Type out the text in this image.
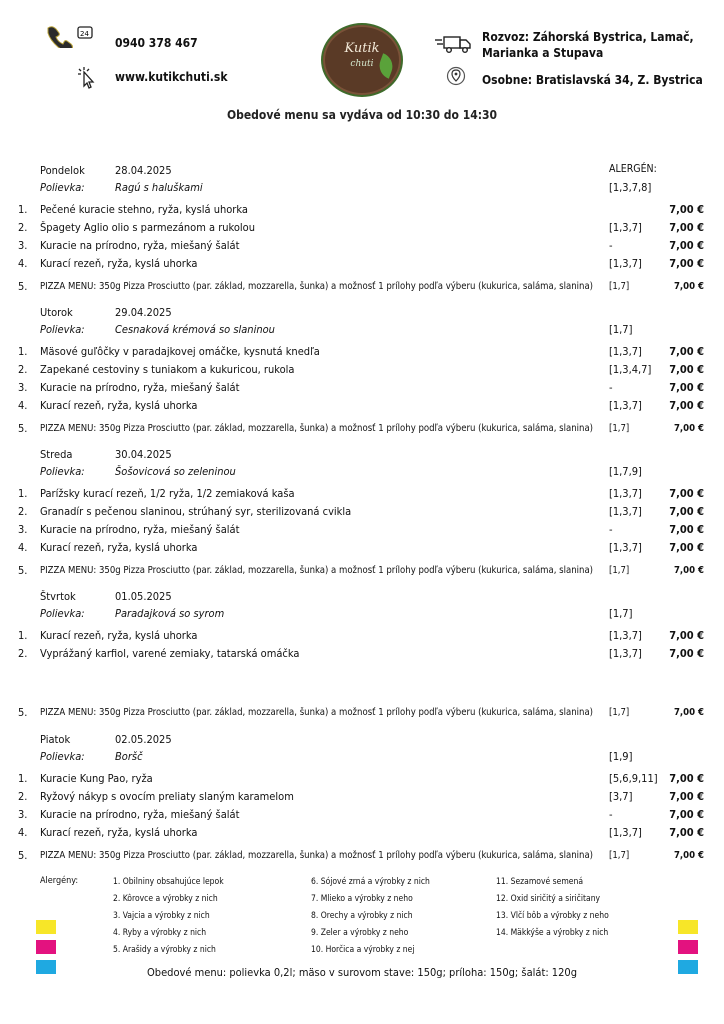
24
0940 378 467
www.kutikchuti.sk
Kutik
chuti
Rozvoz: Záhorská Bystrica, Lamač,
Marianka a Stupava
Osobne: Bratislavská 34, Z. Bystrica
Obedové menu sa vydáva od 10:30 do 14:30
ALERGÉN:
Pondelok	28.04.2025
Polievka:	Ragú s haluškami	[1,3,7,8]
1. Pečené kuracie stehno, ryža, kyslá uhorka	7,00 €
2. Špagety Aglio olio s parmezánom a rukolou	[1,3,7] 7,00 €
3. Kuracie na prírodno, ryža, miešaný šalát	-	7,00 €
4. Kurací rezeň, ryža, kyslá uhorka	[1,3,7] 7,00 €
5. PIZZA MENU: 350g Pizza Prosciutto (par. základ, mozzarella, šunka) a možnosť 1 prílohy podľa výberu (kukurica, saláma, slanina) [1,7]	7,00 €
Utorok	29.04.2025
Polievka:	Cesnaková krémová so slaninou	[1,7]
1. Mäsové guľôčky v paradajkovej omáčke, kysnutá knedľa	[1,3,7] 7,00 €
2. Zapekané cestoviny s tuniakom a kukuricou, rukola	[1,3,4,7] 7,00 €
3. Kuracie na prírodno, ryža, miešaný šalát	-	7,00 €
4. Kurací rezeň, ryža, kyslá uhorka	[1,3,7] 7,00 €
5. PIZZA MENU: 350g Pizza Prosciutto (par. základ, mozzarella, šunka) a možnosť 1 prílohy podľa výberu (kukurica, saláma, slanina) [1,7]	7,00 €
Streda	30.04.2025
Polievka:	Šošovicová so zeleninou	[1,7,9]
1. Parížsky kurací rezeň, 1/2 ryža, 1/2 zemiaková kaša	[1,3,7] 7,00 €
2. Granadír s pečenou slaninou, strúhaný syr, sterilizovaná cvikla	[1,3,7] 7,00 €
3. Kuracie na prírodno, ryža, miešaný šalát	-	7,00 €
4. Kurací rezeň, ryža, kyslá uhorka	[1,3,7] 7,00 €
5. PIZZA MENU: 350g Pizza Prosciutto (par. základ, mozzarella, šunka) a možnosť 1 prílohy podľa výberu (kukurica, saláma, slanina) [1,7]	7,00 €
Štvrtok	01.05.2025
Polievka:	Paradajková so syrom	[1,7]
1. Kurací rezeň, ryža, kyslá uhorka	[1,3,7] 7,00 €
2. Vyprážaný karfiol, varené zemiaky, tatarská omáčka	[1,3,7] 7,00 €
5. PIZZA MENU: 350g Pizza Prosciutto (par. základ, mozzarella, šunka) a možnosť 1 prílohy podľa výberu (kukurica, saláma, slanina) [1,7]	7,00 €
Piatok	02.05.2025
Polievka:	Boršč	[1,9]
1. Kuracie Kung Pao, ryža	[5,6,9,11] 7,00 €
2. Ryžový nákyp s ovocím preliaty slaným karamelom	[3,7]	7,00 €
3. Kuracie na prírodno, ryža, miešaný šalát	-	7,00 €
4. Kurací rezeň, ryža, kyslá uhorka	[1,3,7] 7,00 €
5. PIZZA MENU: 350g Pizza Prosciutto (par. základ, mozzarella, šunka) a možnosť 1 prílohy podľa výberu (kukurica, saláma, slanina) [1,7]	7,00 €
Alergény:	1. Obilniny obsahujúce lepok
2. Kôrovce a výrobky z nich
3. Vajcia a výrobky z nich
4. Ryby a výrobky z nich
5. Arašidy a výrobky z nich
6. Sójové zrná a výrobky z nich
7. Mlieko a výrobky z neho
8. Orechy a výrobky z nich
9. Zeler a výrobky z neho
10. Horčica a výrobky z nej
11. Sezamové semená
12. Oxid siričitý a siričitany
13. Vlčí bôb a výrobky z neho
14. Mäkkýše a výrobky z nich
Obedové menu: polievka 0,2l; mäso v surovom stave: 150g; príloha: 150g; šalát: 120g
